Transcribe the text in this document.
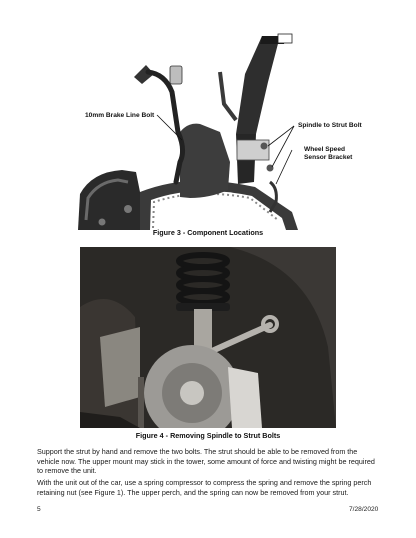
10mm Brake Line Bolt
Spindle to Strut Bolt
Wheel Speed
Sensor Bracket
Figure 3 - Component Locations
Figure 4 - Removing Spindle to Strut Bolts
Support the strut by hand and remove the two bolts. The strut should be able to be removed from the vehicle now. The upper mount may stick in the tower, some amount of force and twisting might be required to remove the unit.
With the unit out of the car, use a spring compressor to compress the spring and remove the spring perch retaining nut (see Figure 1). The upper perch, and the spring can now be removed from your strut.
5	7/28/2020
